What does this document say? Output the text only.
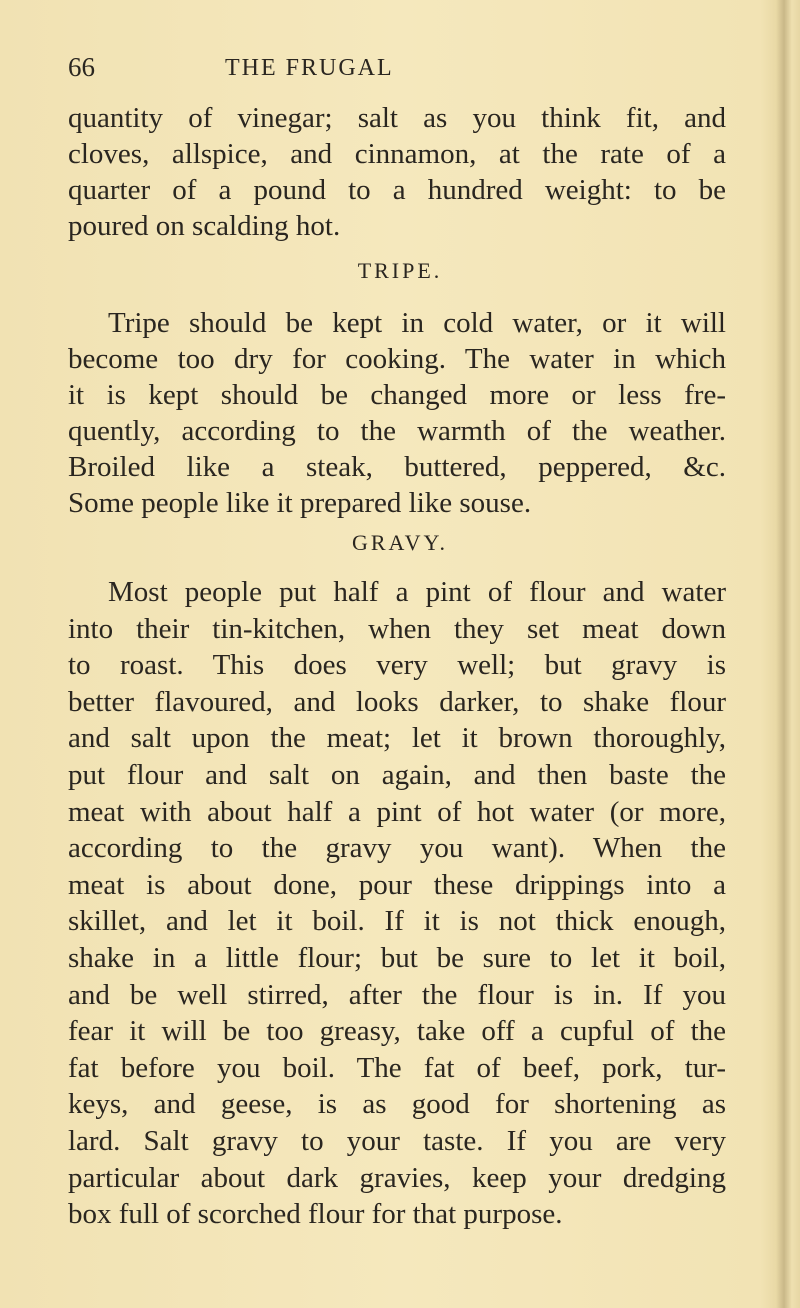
66	THE FRUGAL
quantity of vinegar; salt as you think fit, and
cloves, allspice, and cinnamon, at the rate of a
quarter of a pound to a hundred weight: to be
poured on scalding hot.
TRIPE.
Tripe should be kept in cold water, or it will
become too dry for cooking. The water in which
it is kept should be changed more or less fre-
quently, according to the warmth of the weather.
Broiled like a steak, buttered, peppered, &c.
Some people like it prepared like souse.
GRAVY.
Most people put half a pint of flour and water
into their tin-kitchen, when they set meat down
to roast. This does very well; but gravy is
better flavoured, and looks darker, to shake flour
and salt upon the meat; let it brown thoroughly,
put flour and salt on again, and then baste the
meat with about half a pint of hot water (or more,
according to the gravy you want). When the
meat is about done, pour these drippings into a
skillet, and let it boil. If it is not thick enough,
shake in a little flour; but be sure to let it boil,
and be well stirred, after the flour is in. If you
fear it will be too greasy, take off a cupful of the
fat before you boil. The fat of beef, pork, tur-
keys, and geese, is as good for shortening as
lard. Salt gravy to your taste. If you are very
particular about dark gravies, keep your dredging
box full of scorched flour for that purpose.
